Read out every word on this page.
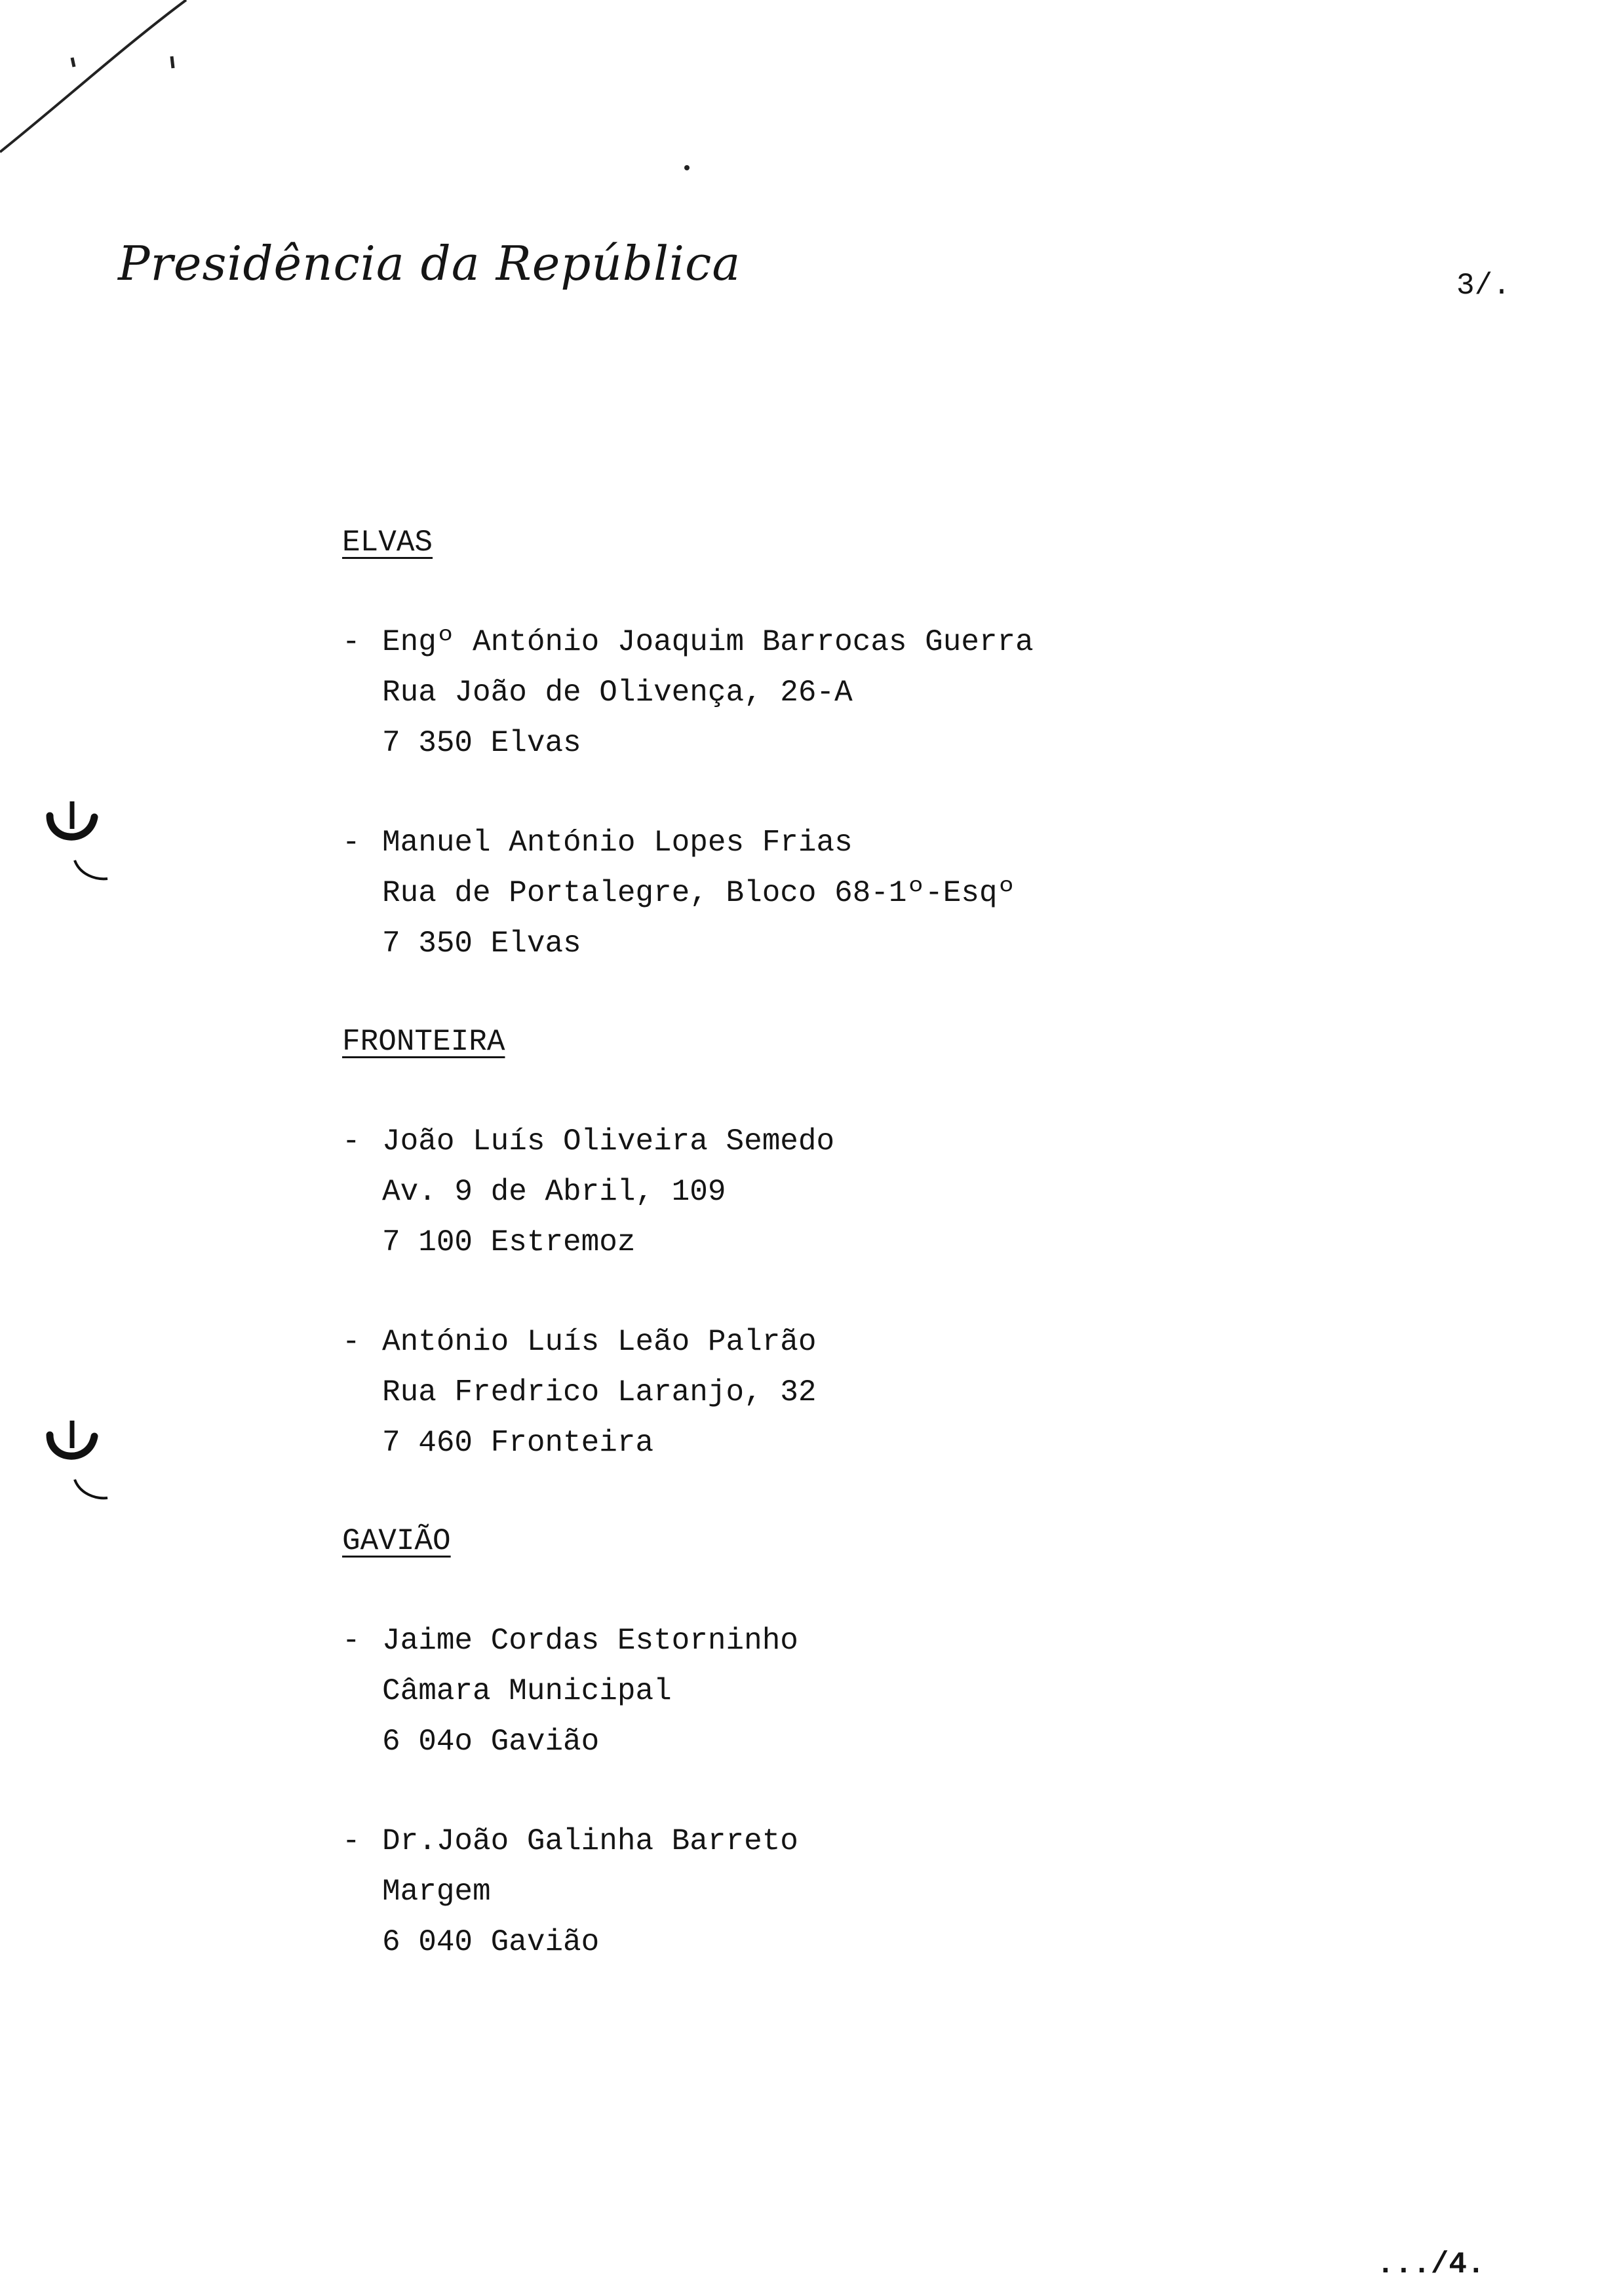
Presidência da República	3/.
ELVAS
- Engº António Joaquim Barrocas Guerra
Rua João de Olivença, 26-A
7 350 Elvas
- Manuel António Lopes Frias
Rua de Portalegre, Bloco 68-1º-Esqº
7 350 Elvas
FRONTEIRA
- João Luís Oliveira Semedo
Av. 9 de Abril, 109
7 100 Estremoz
- António Luís Leão Palrão
Rua Fredrico Laranjo, 32
7 460 Fronteira
GAVIÃO
- Jaime Cordas Estorninho
Câmara Municipal
6 04o Gavião
- Dr.João Galinha Barreto
Margem
6 040 Gavião
.../4.
